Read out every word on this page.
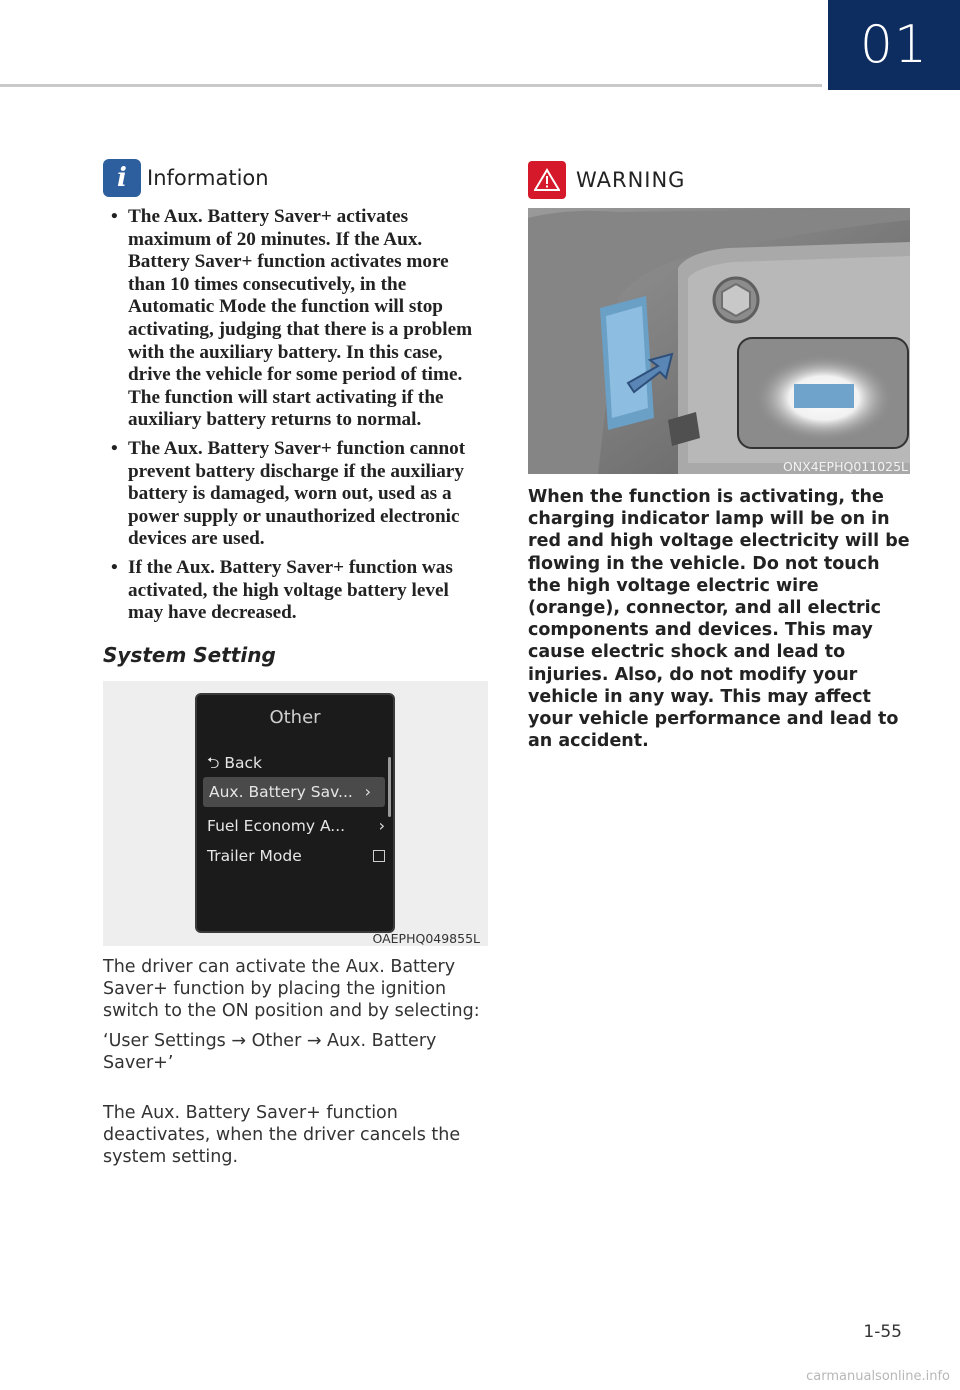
01
i Information
• The Aux. Battery Saver+ activates maximum of 20 minutes. If the Aux. Battery Saver+ function activates more than 10 times consecutively, in the Automatic Mode the function will stop activating, judging that there is a problem with the auxiliary battery. In this case, drive the vehicle for some period of time. The function will start activating if the auxiliary battery returns to normal.
• The Aux. Battery Saver+ function cannot prevent battery discharge if the auxiliary battery is damaged, worn out, used as a power supply or unauthorized electronic devices are used.
• If the Aux. Battery Saver+ function was activated, the high voltage battery level may have decreased.
System Setting
Other
⮌ Back
Aux. Battery Sav... ›
Fuel Economy A... ›
Trailer Mode
OAEPHQ049855L

The driver can activate the Aux. Battery Saver+ function by placing the ignition switch to the ON position and by selecting:

‘User Settings → Other → Aux. Battery Saver+’

The Aux. Battery Saver+ function deactivates, when the driver cancels the system setting.

WARNING
ONX4EPHQ011025L

When the function is activating, the charging indicator lamp will be on in red and high voltage electricity will be flowing in the vehicle. Do not touch the high voltage electric wire (orange), connector, and all electric components and devices. This may cause electric shock and lead to injuries. Also, do not modify your vehicle in any way. This may affect your vehicle performance and lead to an accident.

1-55
carmanualsonline.info
